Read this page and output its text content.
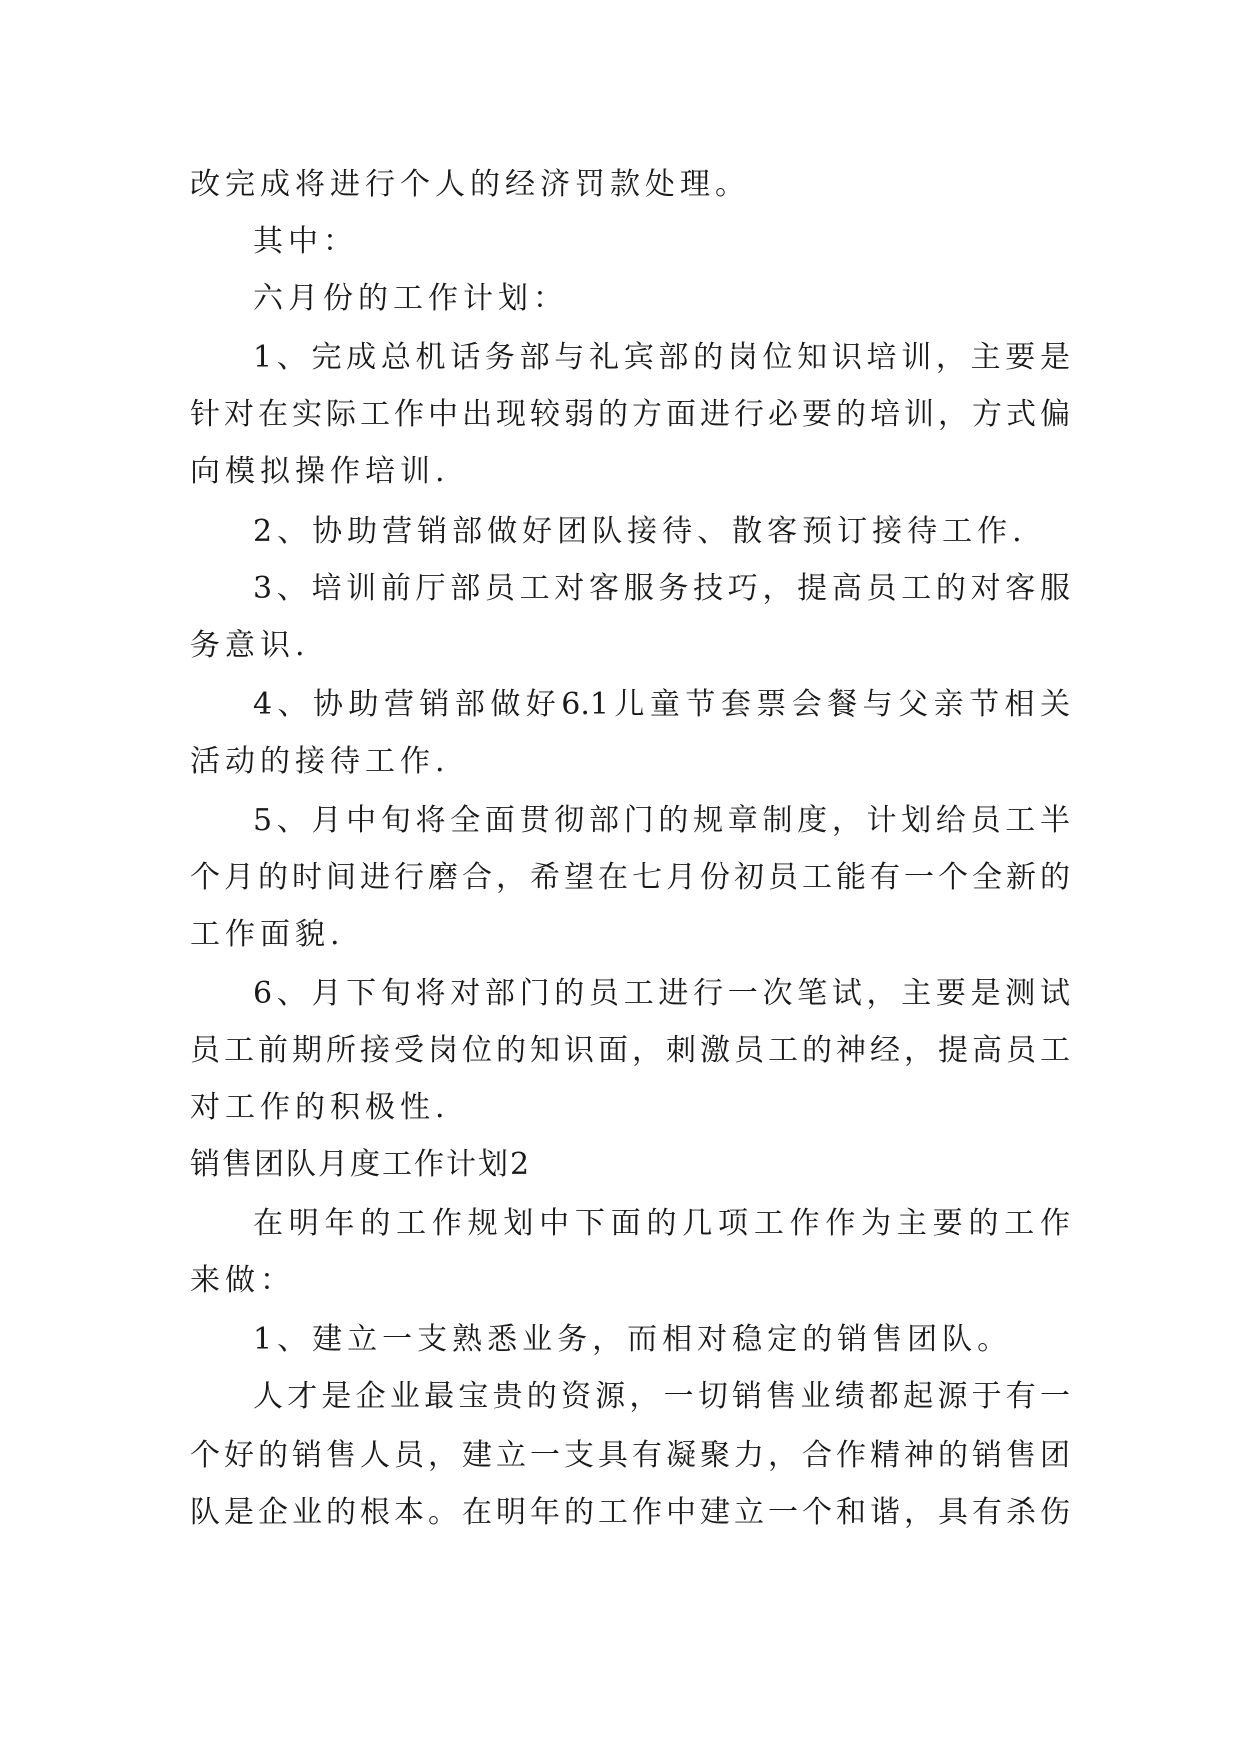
改完成将进行个人的经济罚款处理。
其中：
六月份的工作计划：
1、完成总机话务部与礼宾部的岗位知识培训，主要是
针对在实际工作中出现较弱的方面进行必要的培训，方式偏
向模拟操作培训.
2、协助营销部做好团队接待、散客预订接待工作.
3、培训前厅部员工对客服务技巧，提高员工的对客服
务意识.
4、协助营销部做好6.1儿童节套票会餐与父亲节相关
活动的接待工作.
5、月中旬将全面贯彻部门的规章制度，计划给员工半
个月的时间进行磨合，希望在七月份初员工能有一个全新的
工作面貌.
6、月下旬将对部门的员工进行一次笔试，主要是测试
员工前期所接受岗位的知识面，刺激员工的神经，提高员工
对工作的积极性.
销售团队月度工作计划2
在明年的工作规划中下面的几项工作作为主要的工作
来做：
1、建立一支熟悉业务，而相对稳定的销售团队。
人才是企业最宝贵的资源，一切销售业绩都起源于有一
个好的销售人员，建立一支具有凝聚力，合作精神的销售团
队是企业的根本。在明年的工作中建立一个和谐，具有杀伤
